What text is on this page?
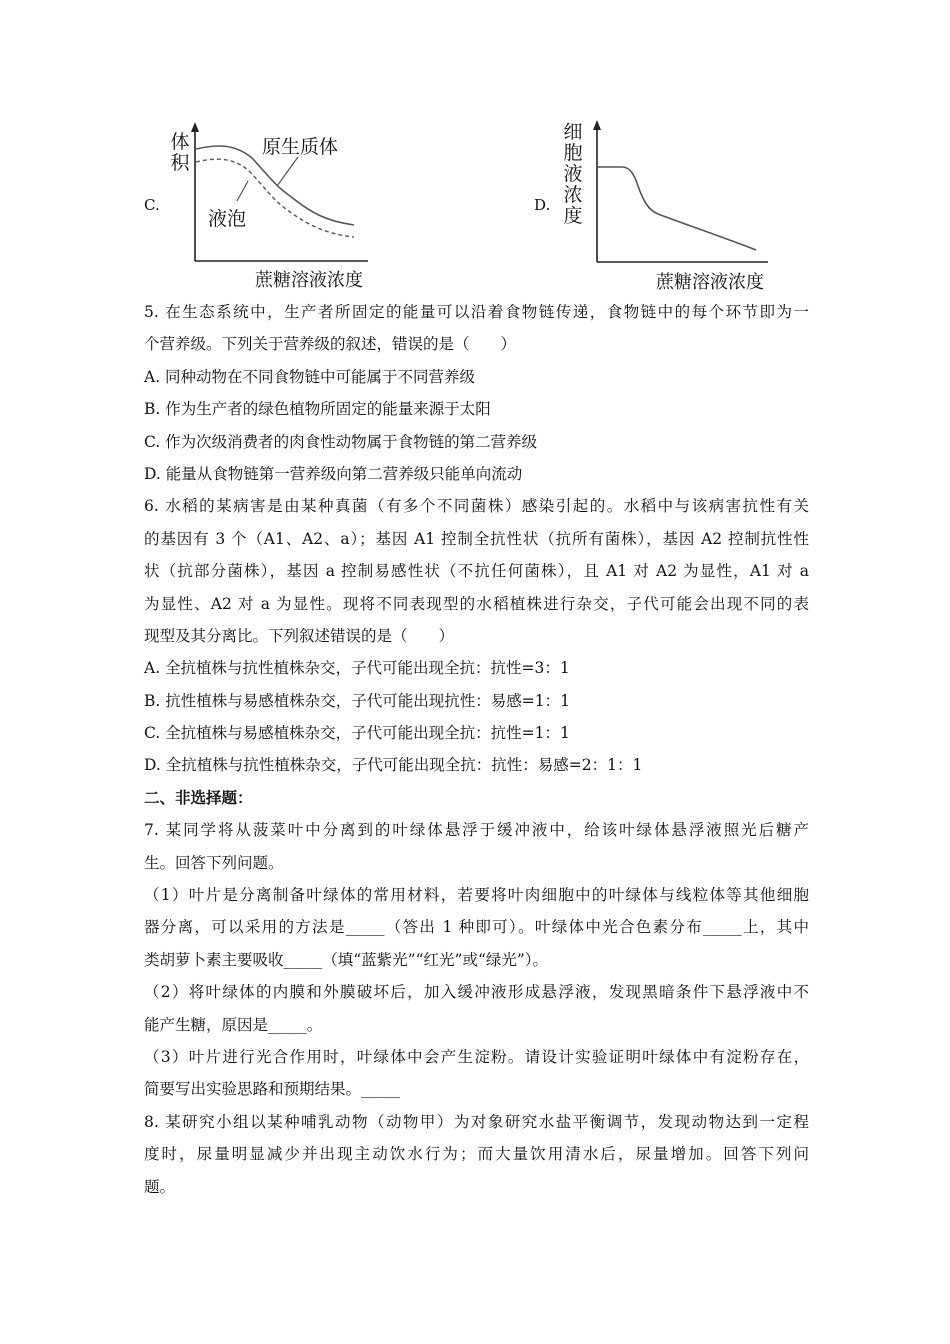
C.
体
积
原生质体
液泡
蔗糖溶液浓度
D.
细
胞
液
浓
度
蔗糖溶液浓度
5. 在生态系统中，生产者所固定的能量可以沿着食物链传递，食物链中的每个环节即为一
个营养级。下列关于营养级的叙述，错误的是（　　）
A. 同种动物在不同食物链中可能属于不同营养级
B. 作为生产者的绿色植物所固定的能量来源于太阳
C. 作为次级消费者的肉食性动物属于食物链的第二营养级
D. 能量从食物链第一营养级向第二营养级只能单向流动
6. 水稻的某病害是由某种真菌（有多个不同菌株）感染引起的。水稻中与该病害抗性有关
的基因有 3 个（A1、A2、a）；基因 A1 控制全抗性状（抗所有菌株），基因 A2 控制抗性性
状（抗部分菌株），基因 a 控制易感性状（不抗任何菌株），且 A1 对 A2 为显性，A1 对 a
为显性、A2 对 a 为显性。现将不同表现型的水稻植株进行杂交，子代可能会出现不同的表
现型及其分离比。下列叙述错误的是（　　）
A. 全抗植株与抗性植株杂交，子代可能出现全抗：抗性=3：1
B. 抗性植株与易感植株杂交，子代可能出现抗性：易感=1：1
C. 全抗植株与易感植株杂交，子代可能出现全抗：抗性=1：1
D. 全抗植株与抗性植株杂交，子代可能出现全抗：抗性：易感=2：1：1
二、非选择题：
7. 某同学将从菠菜叶中分离到的叶绿体悬浮于缓冲液中，给该叶绿体悬浮液照光后糖产
生。回答下列问题。
（1）叶片是分离制备叶绿体的常用材料，若要将叶肉细胞中的叶绿体与线粒体等其他细胞
器分离，可以采用的方法是_____（答出 1 种即可）。叶绿体中光合色素分布_____上，其中
类胡萝卜素主要吸收_____（填“蓝紫光”“红光”或“绿光”）。
（2）将叶绿体的内膜和外膜破坏后，加入缓冲液形成悬浮液，发现黑暗条件下悬浮液中不
能产生糖，原因是_____。
（3）叶片进行光合作用时，叶绿体中会产生淀粉。请设计实验证明叶绿体中有淀粉存在，
简要写出实验思路和预期结果。_____
8. 某研究小组以某种哺乳动物（动物甲）为对象研究水盐平衡调节，发现动物达到一定程
度时，尿量明显减少并出现主动饮水行为；而大量饮用清水后，尿量增加。回答下列问
题。
